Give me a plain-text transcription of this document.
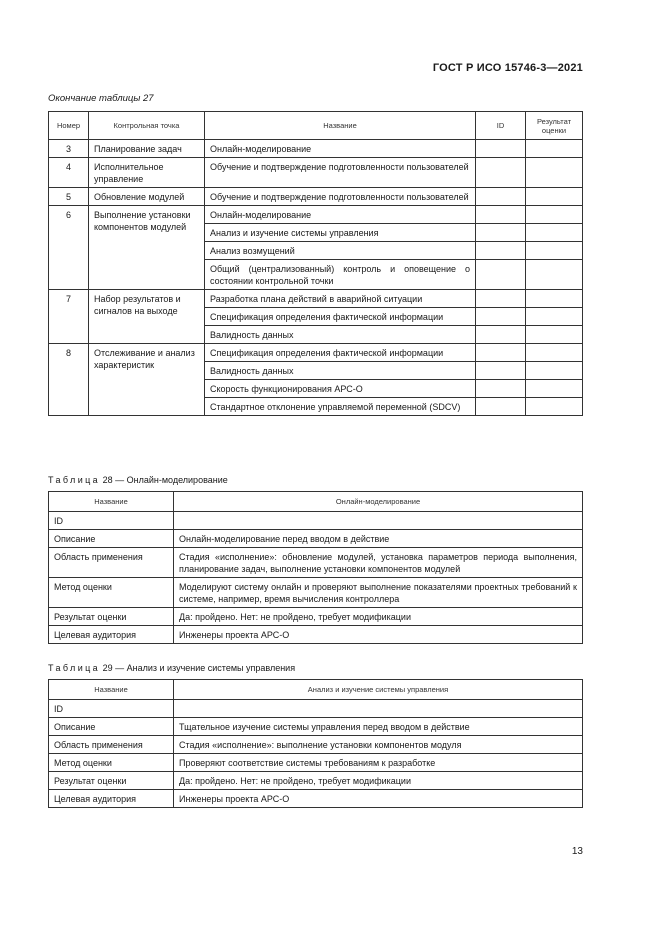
ГОСТ Р ИСО 15746-3—2021
Окончание таблицы 27
Номер	Контрольная точка	Название	ID	Результат оценки
3	Планирование задач	Онлайн-моделирование		
4	Исполнительное управление	Обучение и подтверждение подготовленности пользователей		
5	Обновление модулей	Обучение и подтверждение подготовленности пользователей		
6	Выполнение установки компонентов модулей	Онлайн-моделирование		
		Анализ и изучение системы управления		
		Анализ возмущений		
		Общий (централизованный) контроль и оповещение о состоянии контрольной точки		
7	Набор результатов и сигналов на выходе	Разработка плана действий в аварийной ситуации		
		Спецификация определения фактической информации		
		Валидность данных		
8	Отслеживание и анализ характеристик	Спецификация определения фактической информации		
		Валидность данных		
		Скорость функционирования АРС-О		
		Стандартное отклонение управляемой переменной (SDCV)		
Таблица 28 — Онлайн-моделирование
Название	Онлайн-моделирование
ID	
Описание	Онлайн-моделирование перед вводом в действие
Область применения	Стадия «исполнение»: обновление модулей, установка параметров периода выполнения, планирование задач, выполнение установки компонентов модулей
Метод оценки	Моделируют систему онлайн и проверяют выполнение показателями проектных требований к системе, например, время вычисления контроллера
Результат оценки	Да: пройдено. Нет: не пройдено, требует модификации
Целевая аудитория	Инженеры проекта АРС-О
Таблица 29 — Анализ и изучение системы управления
Название	Анализ и изучение системы управления
ID	
Описание	Тщательное изучение системы управления перед вводом в действие
Область применения	Стадия «исполнение»: выполнение установки компонентов модуля
Метод оценки	Проверяют соответствие системы требованиям к разработке
Результат оценки	Да: пройдено. Нет: не пройдено, требует модификации
Целевая аудитория	Инженеры проекта АРС-О
13
